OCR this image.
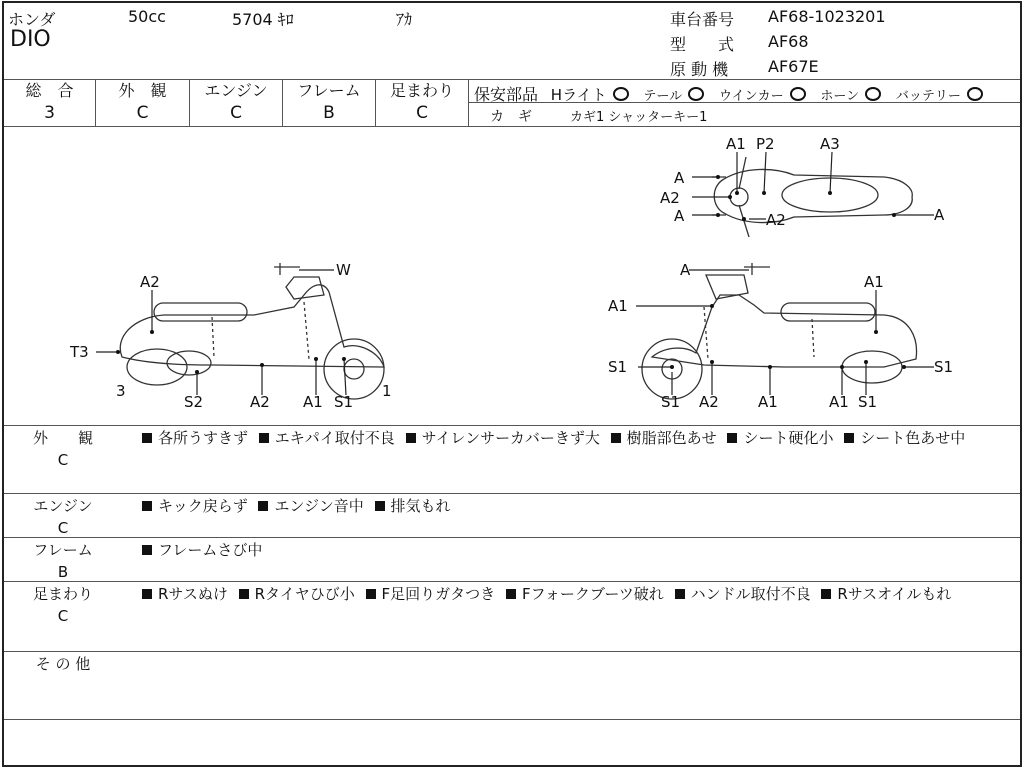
ホンダ	50cc	5704 ｷﾛ	ｱｶ
DIO
車台番号 AF68-1023201
型　　式 AF68
原 動 機 AF67E
総　合
3
外　観
C
エンジン
C
フレーム
B
足まわり
C
保安部品 Hライト	テール	ウインカー	ホーン	バッテリー
カ　ギ	カギ1 シャッターキー1
A1 P2	A3
A
A2
A	A2	A
A2
W
T3
3	1
S2	A2 A1 S1
A
A1
A1
S1	S1
S1 A2	A1	A1 S1
外　　観
C
各所うすきず エキパイ取付不良 サイレンサーカバーきず大 樹脂部色あせ シート硬化小 シート色あせ中
エンジン
C
キック戻らず エンジン音中 排気もれ
フレーム
B
フレームさび中
足まわり
C
Rサスぬけ Rタイヤひび小 F足回りガタつき Fフォークブーツ破れ ハンドル取付不良 Rサスオイルもれ
そ の 他
